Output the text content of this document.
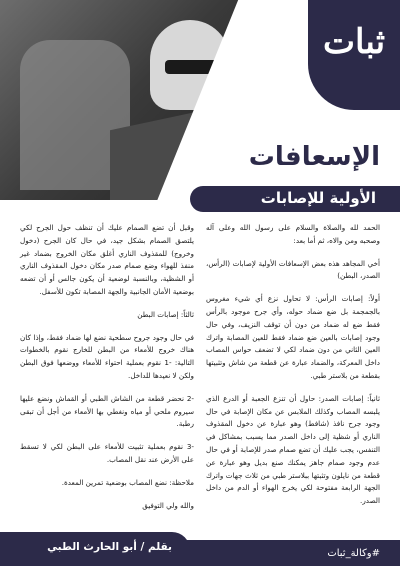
ثبات
الإسعافات
الأولية للإصابات

الحمد لله والصلاة والسلام على رسول الله وعلى آله وصحبه ومن والاه، ثم أما بعد:

أخي المجاهد هذه بعض الإسعافات الأولية لإصابات (الرأس، الصدر، البطن)

أولاً: إصابات الرأس: لا تحاول نزع أي شيء مغروس بالجمجمة بل ضع ضماد حوله، وأي جرح موجود بالرأس فقط ضع له ضماد من دون أن توقف النزيف، وفي حال وجود إصابات بالعين ضع ضماد فقط للعين المصابة واترك العين الثاني من دون ضماد لكي لا تضعف حواس المصاب داخل المعركة، والضماد عبارة عن قطعة من شاش وتثبيتها بقطعة من بلاستر طبي.

ثانياً: إصابات الصدر: حاول أن تنزع الجعبة أو الدرع الذي يلبسه المصاب وكذلك الملابس عن مكان الإصابة في حال وجود جرح نافذ (شافط) وهو عبارة عن دخول المقذوف الناري أو شظية إلى داخل الصدر مما يسبب بمشاكل في التنفس، يجب عليك أن تضع صمام صدر للإصابة أو في حال عدم وجود صمام جاهز يمكنك صنع بديل وهو عبارة عن قطعة من نايلون وتثبتها ببلاستر طبي من ثلاث جهات واترك الجهة الرابعة مفتوحة لكي يخرج الهواء أو الدم من داخل الصدر.

وقبل أن تضع الصمام عليك أن تنظف حول الجرح لكي يلتصق الصمام بشكل جيد، في حال كان الجرح (دخول وخروج) للمقذوف الناري أغلق مكان الخروج بضماد غير منفذ للهواء وضع صمام صدر مكان دخول المقذوف الناري أو الشظية، وبالنسبة لوضعية أن يكون جالس أو أن تضعه بوضعية الأمان الجانبية والجهة المصابة تكون للأسفل.

ثالثاً: إصابات البطن

في حال وجود جروح سطحية نضع لها ضماد فقط، وإذا كان هناك خروج للأمعاء من البطن للخارج نقوم بالخطوات التالية: -1 نقوم بعملية احتواء للأمعاء ووضعها فوق البطن ولكن لا نعيدها للداخل.

-2 نحضر قطعة من الشاش الطبي أو القماش ونضع عليها سيروم ملحي أو مياه ونغطي بها الأمعاء من أجل أن تبقى رطبة.

-3 نقوم بعملية تثبيت للأمعاء على البطن لكي لا تسقط على الأرض عند نقل المصاب.

ملاحظة: نضع المصاب بوضعية تمرين المعدة.

والله ولي التوفيق

#وكالة_ثبات
بقلم / أبو الحارث الطبي
